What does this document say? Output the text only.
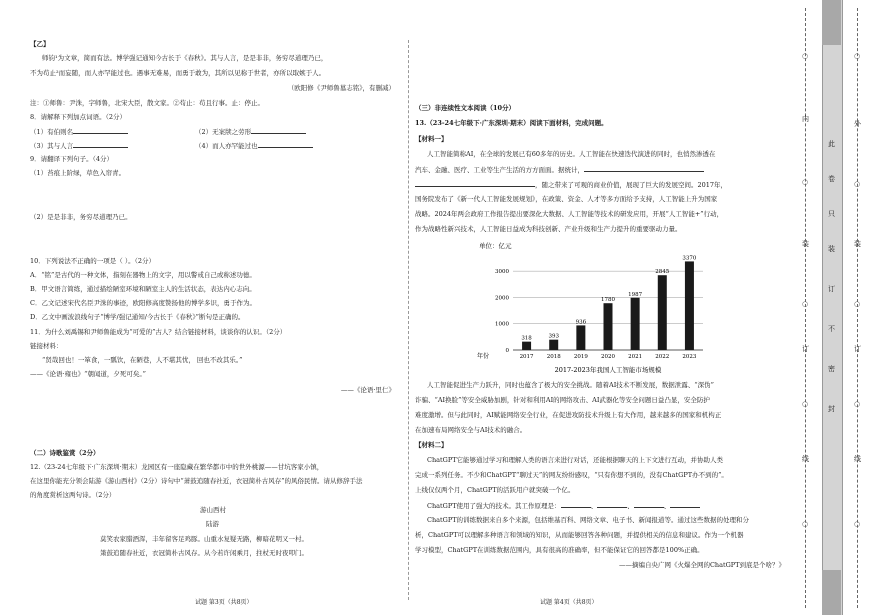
【乙】
师钧¹为文章，简而有法。博学强记通知今古长于《春秋》。其与人言，是是非非，务穷尽道理乃已，
不为苟止²而妄随，而人亦罕能过也。遇事无难易，而勇于敢为，其所以见称于世者，亦所以取嫉于人。
（欧阳修《尹师鲁墓志铭》，有删减）
注：①师鲁：尹洙，字师鲁，北宋大臣，散文家。②苟止：苟且行事。止：停止。
8．请解释下列加点词语。（2分）
（1）有伯则名	（2）无案牍之劳形
（3）其与人言	（4）而人亦罕能过也
9．请翻译下列句子。（4分）
（1）苔痕上阶绿，草色入帘青。
（2）是是非非，务穷尽道理乃已。
10．下列说法不正确的一项是（ ）。（2分）
A．“铭”是古代的一种文体，指刻在器物上的文字，用以警戒自己或称述功德。
B．甲文语言简练，通过描绘陋室环境和陋室主人的生活状态，表达内心志向。
C．乙文记述宋代名臣尹洙的事迹，欧阳修高度赞扬他的博学多识，勇于作为。
D．乙文中画波浪线句子“博学/强记通知/今古长于《春秋》”断句是正确的。
11．为什么刘禹锡和尹师鲁能成为“可爱的”古人？结合链接材料，谈谈你的认识。（2分）
链接材料：
“贤哉回也！一箪食，一瓢饮，在陋巷，人不堪其忧， 回也不改其乐。”
——《论语·雍也》“朝闻道，夕死可矣。”
——《论语·里仁》
（二）诗歌鉴赏（2分）
12.（23-24七年级下·广东深圳·期末）龙园区有一座隐藏在繁华都市中的世外桃源——甘坑客家小镇，
在这里你能充分领会陆游《游山西村》（2分）诗句中“萧鼓追随春社近，衣冠简朴古风存”的风俗民情。请从修辞手法
的角度赏析这两句诗。（2分）
游山西村
陆游
莫笑农家腊酒浑，丰年留客足鸡豚。山重水复疑无路，柳暗花明又一村。
箫鼓追随春社近，衣冠简朴古风存。从今若许闲乘月，拄杖无时夜叩门。
试题 第3页（共8页）
（三）非连续性文本阅读（10分）
13.（23-24七年级下·广东深圳·期末）阅读下面材料，完成问题。
【材料一】
人工智能简称AI，在全球的发展已有60多年的历史。人工智能在快速迭代演进的同时，也悄然渗透在
汽车、金融、医疗、工业等生产生活的方方面面。据统计，
，随之带来了可观的商业价值，展现了巨大的发展空间。2017年，
国务院发布了《新一代人工智能发展规划》，在政策、资金、人才等多方面给予支持，人工智能上升为国家
战略。2024年两会政府工作报告提出要深化大数据、人工智能等技术的研发应用，开展“人工智能+”行动，
作为战略性新兴技术，人工智能日益成为科技创新、产业升级和生产力提升的重要驱动力量。
单位：亿元
0
1000
2000
3000
318
2017
393
2018
936
2019
1780
2020
1987
2021
2845
2022
3370
2023
年份
2017-2023年我国人工智能市场规模
人工智能促进生产力跃升，同时也蕴含了极大的安全挑战。随着AI技术不断发展，数据泄露、“深伪”
诈骗、“AI换脸”等安全威胁加剧，针对和利用AI的网络攻击、AI武器化等安全问题日益凸显，安全防护
难度激增。但与此同时，AI赋能网络安全行业，在促进攻防技术升级上有大作用，越来越多的国家和机构正
在加速布局网络安全与AI技术的融合。
【材料二】
ChatGPT它能够通过学习和理解人类的语言来进行对话，还能根据聊天的上下文进行互动，并协助人类
完成一系列任务。不少和ChatGPT“聊过天”的网友纷纷感叹，“只有你想不到的，没有ChatGPT办不到的”。
上线仅仅两个月，ChatGPT的活跃用户就突破一个亿。
ChatGPT使用了强大的技术。其工作原理是：	、	、	、
ChatGPT的训练数据来自多个来源，包括维基百科、网络文章、电子书、新闻报道等。通过这些数据的处理和分
析，ChatGPT可以理解多种语言和领域的知识，从而能够回答各种问题，并提供相关的信息和建议。作为一个机器
学习模型，ChatGPT在训练数据范围内，具有很高的准确率，但不能保证它的回答都是100%正确。
——摘编自央广网《火爆全网的ChatGPT到底是个啥？》
试题 第4页（共8页）
○
内
○
装
○
订
○
线
○
此
卷
只
装
订
不
密
封
○
外
○
装
○
订
○
线
○
